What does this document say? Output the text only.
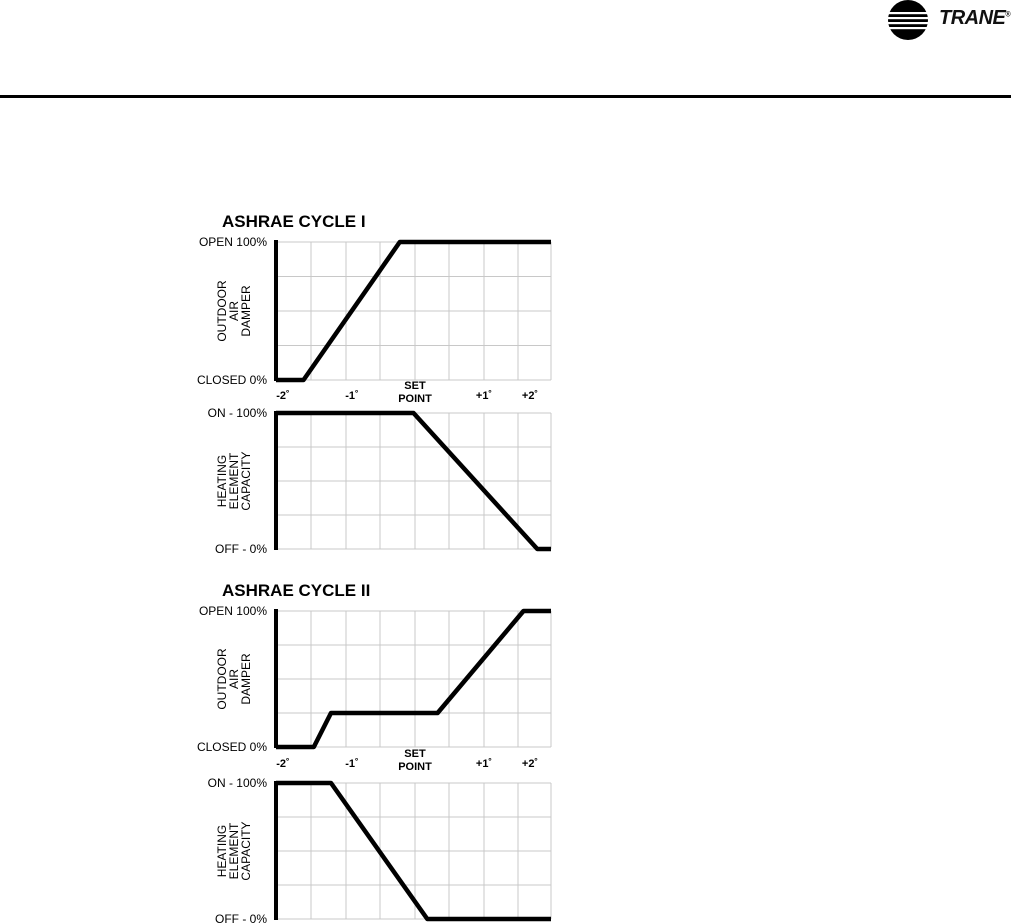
TRANE®
ASHRAE CYCLE I
OPEN 100%
CLOSED 0%
OUTDOOR
AIR
DAMPER
-2˚	-1˚	+1˚	+2˚
SET
POINT
ON - 100%
OFF - 0%
HEATING
ELEMENT
CAPACITY
ASHRAE CYCLE II
OPEN 100%
CLOSED 0%
OUTDOOR
AIR
DAMPER
-2˚	-1˚	+1˚	+2˚
SET
POINT
ON - 100%
OFF - 0%
HEATING
ELEMENT
CAPACITY
